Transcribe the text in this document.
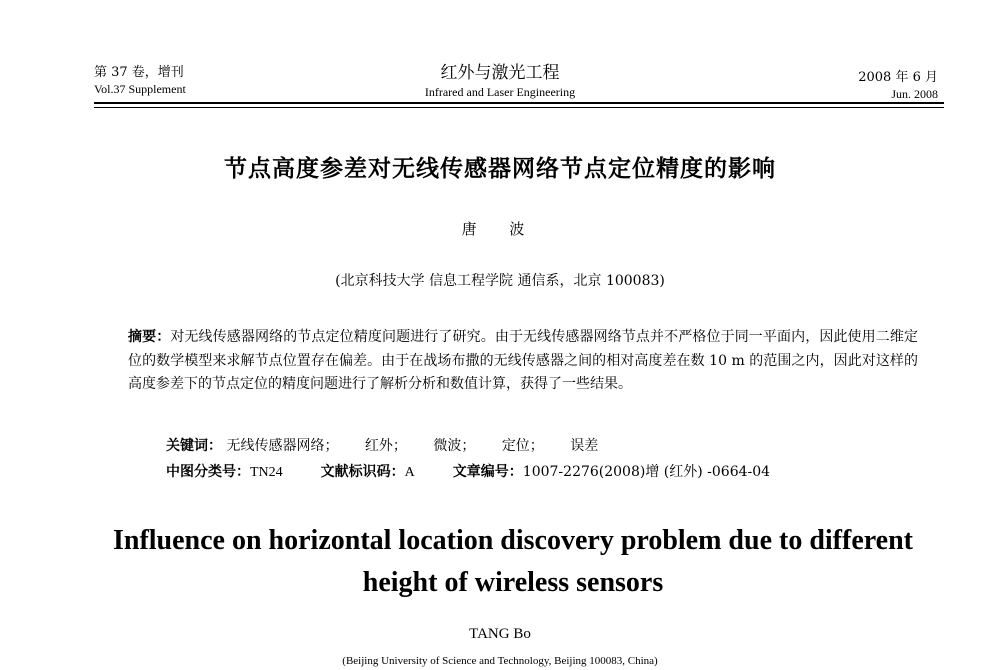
第 37 卷，增刊
Vol.37 Supplement
红外与激光工程
Infrared and Laser Engineering
2008 年 6 月
Jun. 2008
节点高度参差对无线传感器网络节点定位精度的影响
唐 波
(北京科技大学 信息工程学院 通信系，北京 100083)
摘要：对无线传感器网络的节点定位精度问题进行了研究。由于无线传感器网络节点并不严格位于同一平面内，因此使用二维定位的数学模型来求解节点位置存在偏差。由于在战场布撒的无线传感器之间的相对高度差在数 10 m 的范围之内，因此对这样的高度参差下的节点定位的精度问题进行了解析分析和数值计算，获得了一些结果。
关键词： 无线传感器网络； 红外； 微波； 定位； 误差
中图分类号：TN24	文献标识码：A	文章编号：1007-2276(2008)增 (红外) -0664-04
Influence on horizontal location discovery problem due to different height of wireless sensors
TANG Bo
(Beijing University of Science and Technology, Beijing 100083, China)
